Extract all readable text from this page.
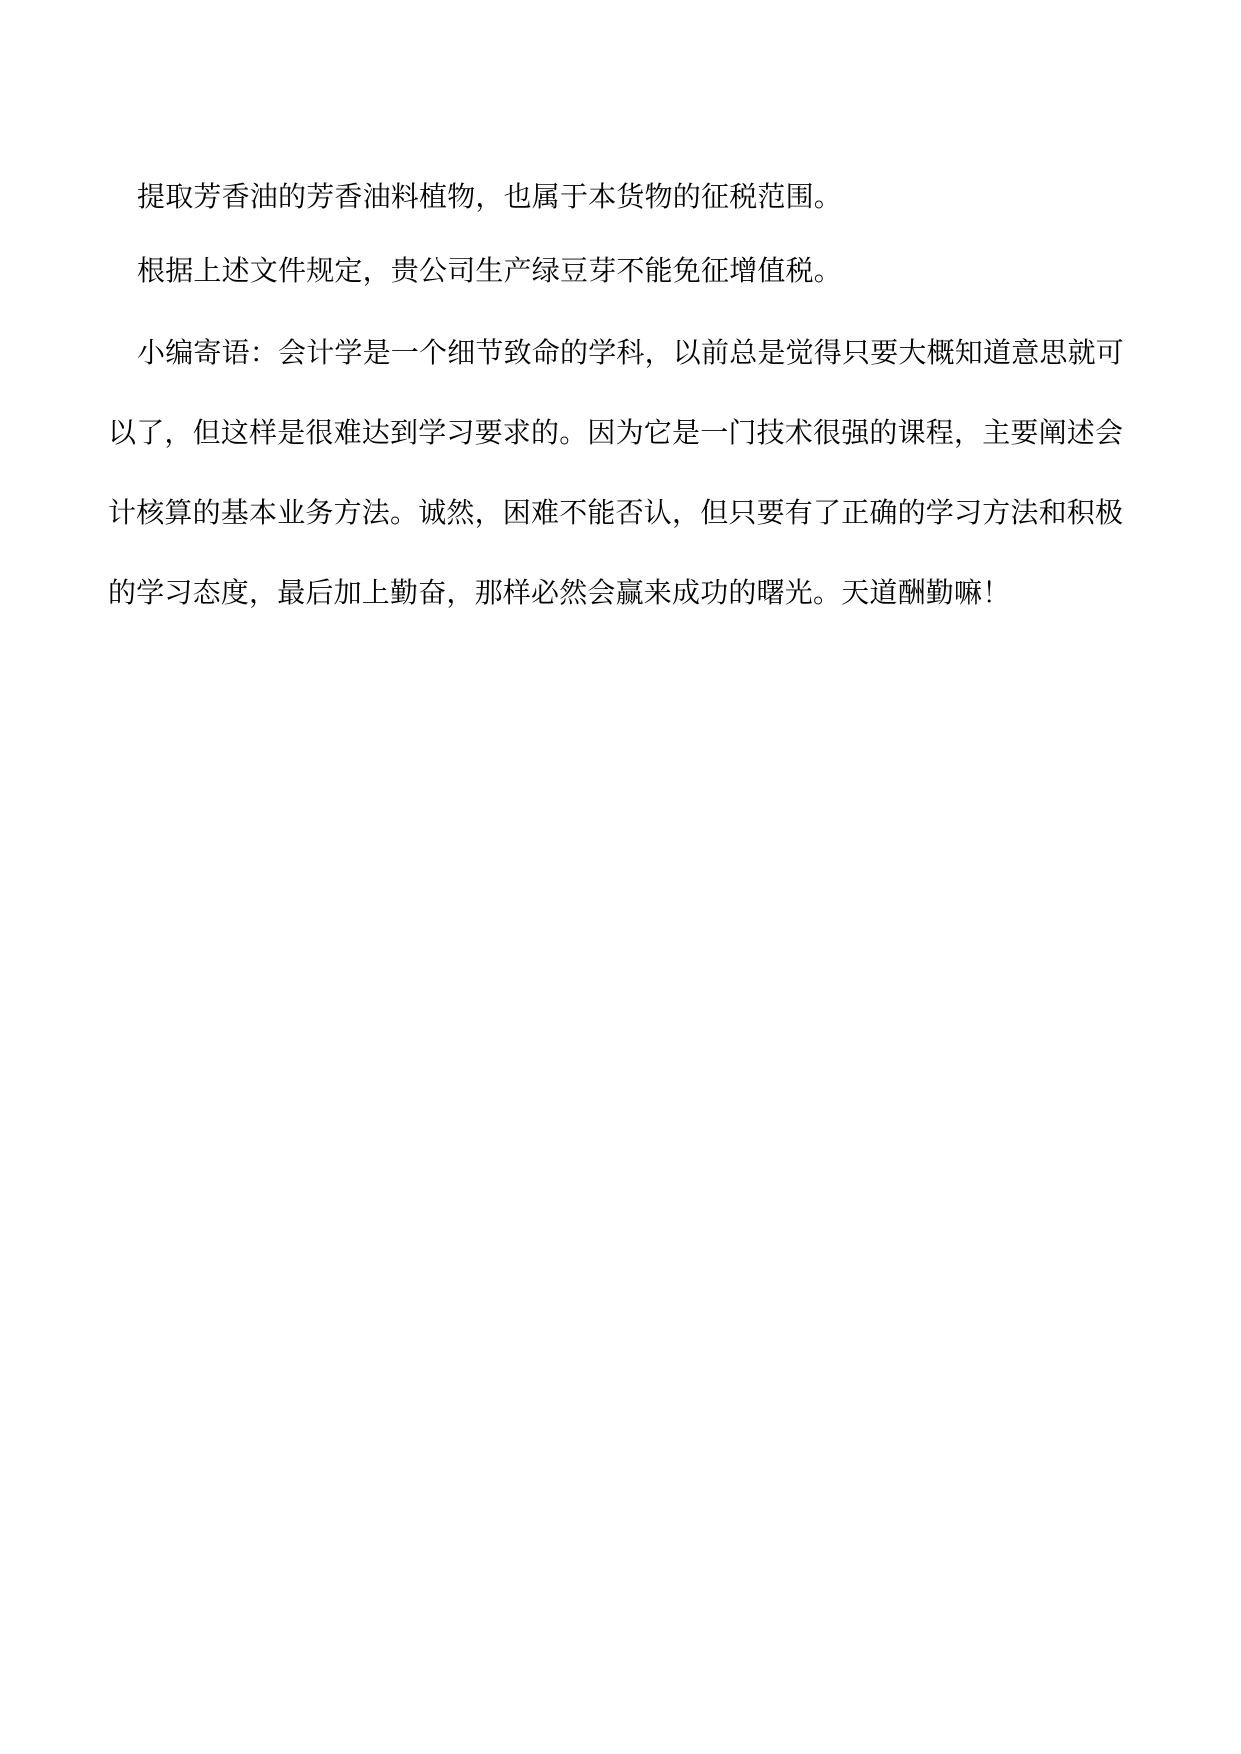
提取芳香油的芳香油料植物，也属于本货物的征税范围。

根据上述文件规定，贵公司生产绿豆芽不能免征增值税。

小编寄语：会计学是一个细节致命的学科，以前总是觉得只要大概知道意思就可以了，但这样是很难达到学习要求的。因为它是一门技术很强的课程，主要阐述会计核算的基本业务方法。诚然，困难不能否认，但只要有了正确的学习方法和积极的学习态度，最后加上勤奋，那样必然会赢来成功的曙光。天道酬勤嘛！
